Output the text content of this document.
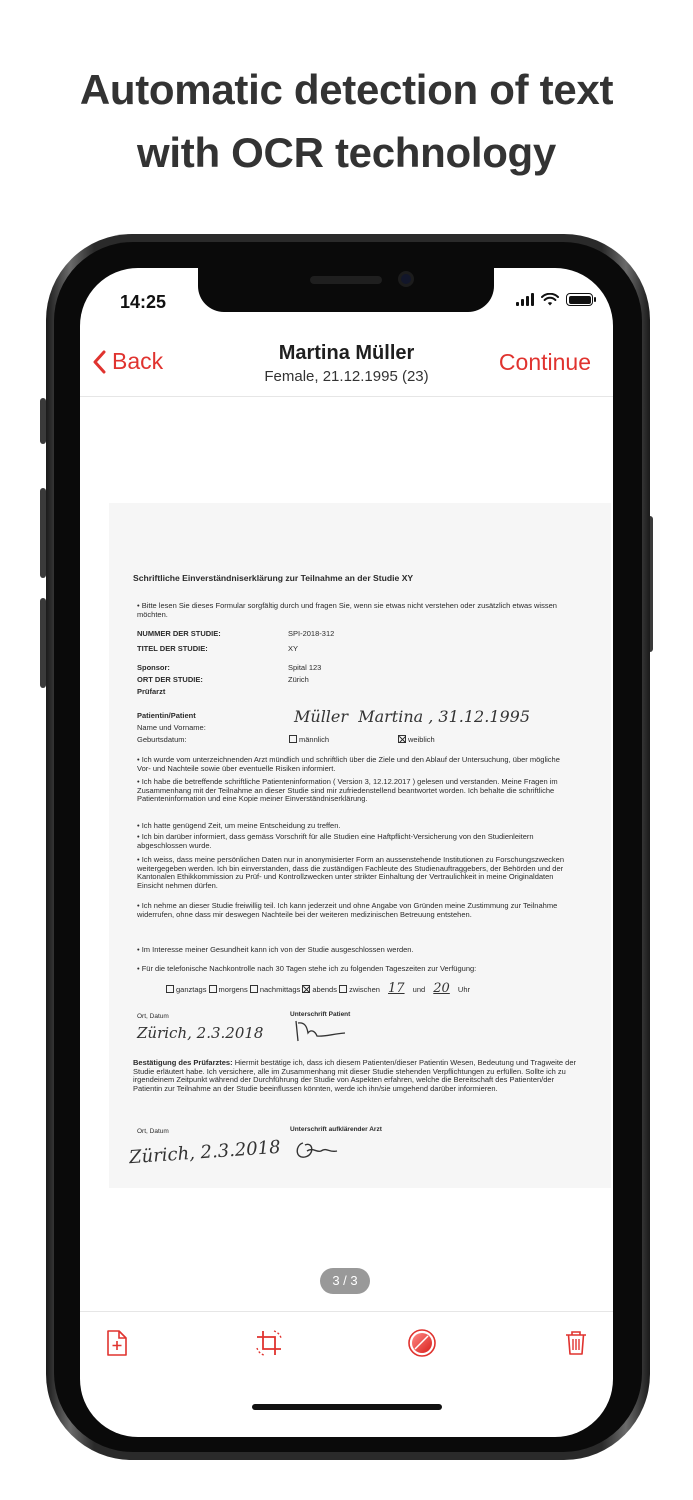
Automatic detection of text
with OCR technology
14:25
Back	Martina Müller
Female, 21.12.1995 (23)
Continue
Schriftliche Einverständniserklärung zur Teilnahme an der Studie XY
• Bitte lesen Sie dieses Formular sorgfältig durch und fragen Sie, wenn sie etwas nicht verstehen oder zusätzlich etwas wissen möchten.
NUMMER DER STUDIE:	SPI-2018-312
TITEL DER STUDIE:	XY
Sponsor:	Spital 123
ORT DER STUDIE:	Zürich
Prüfarzt
Patientin/Patient
Name und Vorname:
Müller  Martina , 31.12.1995
Geburtsdatum:	männlich	weiblich
• Ich wurde vom unterzeichnenden Arzt mündlich und schriftlich über die Ziele und den Ablauf der Untersuchung, über mögliche Vor- und Nachteile sowie über eventuelle Risiken informiert.
• Ich habe die betreffende schriftliche Patienteninformation ( Version 3, 12.12.2017 ) gelesen und verstanden. Meine Fragen im Zusammenhang mit der Teilnahme an dieser Studie sind mir zufriedenstellend beantwortet worden. Ich behalte die schriftliche Patienteninformation und eine Kopie meiner Einverständniserklärung.
• Ich hatte genügend Zeit, um meine Entscheidung zu treffen.
• Ich bin darüber informiert, dass gemäss Vorschrift für alle Studien eine Haftpflicht-Versicherung von den Studienleitern abgeschlossen wurde.
• Ich weiss, dass meine persönlichen Daten nur in anonymisierter Form an aussenstehende Institutionen zu Forschungszwecken weitergegeben werden. Ich bin einverstanden, dass die zuständigen Fachleute des Studienauftraggebers, der Behörden und der Kantonalen Ethikkommission zu Prüf- und Kontrollzwecken unter strikter Einhaltung der Vertraulichkeit in meine Originaldaten Einsicht nehmen dürfen.
• Ich nehme an dieser Studie freiwillig teil. Ich kann jederzeit und ohne Angabe von Gründen meine Zustimmung zur Teilnahme widerrufen, ohne dass mir deswegen Nachteile bei der weiteren medizinischen Betreuung entstehen.
• Im Interesse meiner Gesundheit kann ich von der Studie ausgeschlossen werden.
• Für die telefonische Nachkontrolle nach 30 Tagen stehe ich zu folgenden Tageszeiten zur Verfügung:
ganztags morgens nachmittags abends zwischen 17 und 20 Uhr
Ort, Datum	Unterschrift Patient
Zürich, 2.3.2018
Bestätigung des Prüfarztes: Hiermit bestätige ich, dass ich diesem Patienten/dieser Patientin Wesen, Bedeutung und Tragweite der Studie erläutert habe. Ich versichere, alle im Zusammenhang mit dieser Studie stehenden Verpflichtungen zu erfüllen. Sollte ich zu irgendeinem Zeitpunkt während der Durchführung der Studie von Aspekten erfahren, welche die Bereitschaft des Patienten/der Patientin zur Teilnahme an der Studie beeinflussen könnten, werde ich ihn/sie umgehend darüber informieren.
Ort, Datum	Unterschrift aufklärender Arzt
Zürich, 2.3.2018
3 / 3
